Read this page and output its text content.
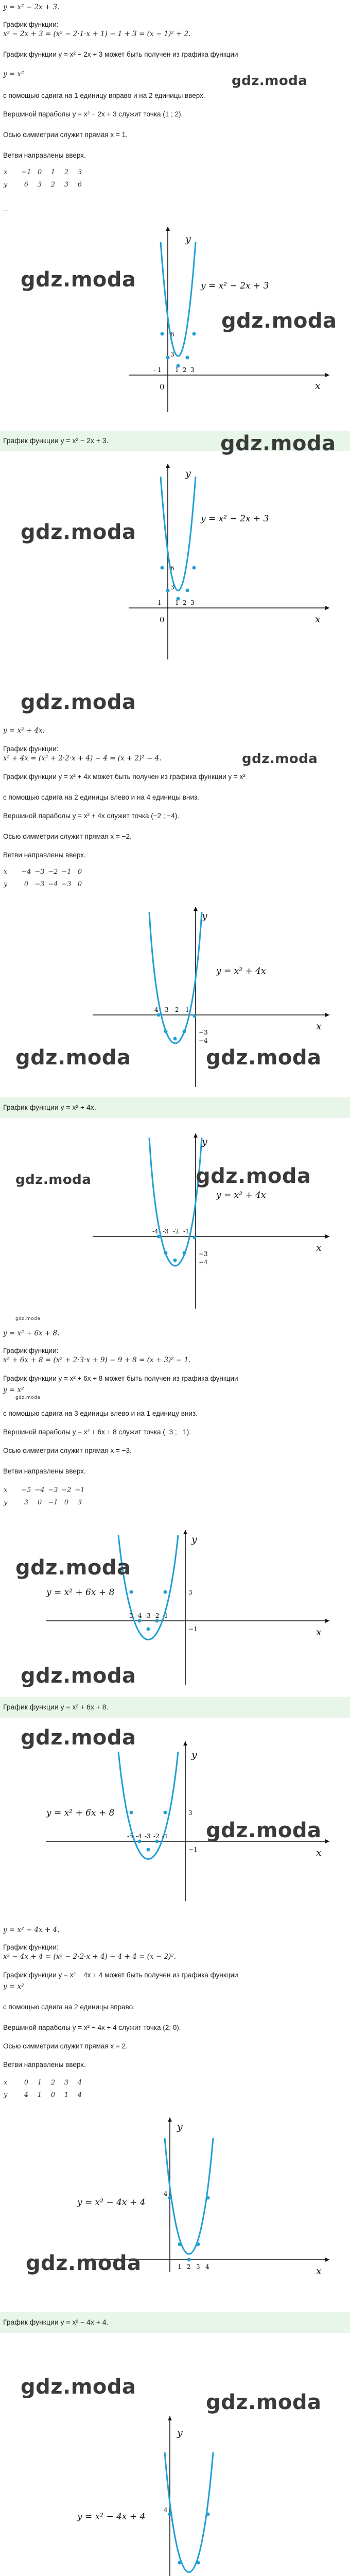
y = x² − 2x + 3.
График функции:
x² − 2x + 3 = (x² − 2·1·x + 1) − 1 + 3 = (x − 1)² + 2.
График функции y = x² − 2x + 3 может быть получен из графика функции
y = x²
с помощью сдвига на 1 единицу вправо и на 2 единицы вверх.
Вершиной параболы y = x² − 2x + 3 служит точка (1 ; 2).
Осью симметрии служит прямая x = 1.
Ветви направлены вверх.
x	−1	0	1	2	3
y	6	3	2	3	6
...
y
x
0
y = x² − 2x + 3
6
3
- 1 1 2 3
gdz.moda
gdz.moda
gdz.moda
График функции y = x² − 2x + 3.	gdz.moda
y
x
0
y = x² − 2x + 3
6
3
- 1 1 2 3
gdz.moda
gdz.moda
y = x² + 4x.
График функции:
x² + 4x = (x² + 2·2·x + 4) − 4 = (x + 2)² − 4.	gdz.moda
График функции y = x² + 4x может быть получен из графика функции y = x²
с помощью сдвига на 2 единицы влево и на 4 единицы вниз.
Вершиной параболы y = x² + 4x служит точка (−2 ; −4).
Осью симметрии служит прямая x = −2.
Ветви направлены вверх.
x	−4	−3	−2	−1	0
y	0	−3	−4	−3	0
y
x
y = x² + 4x
−3
−4
-4 -3 -2 -1
gdz.moda	gdz.moda
График функции y = x² + 4x.
y
x
y = x² + 4x
−3
−4
-4 -3 -2 -1
gdz.moda	gdz.moda
gdz.moda
y = x² + 6x + 8.
График функции:
x² + 6x + 8 = (x² + 2·3·x + 9) − 9 + 8 = (x + 3)² − 1.
График функции y = x² + 6x + 8 может быть получен из графика функции
y = x²
gdz.moda
с помощью сдвига на 3 единицы влево и на 1 единицу вниз.
Вершиной параболы y = x² + 6x + 8 служит точка (−3 ; −1).
Осью симметрии служит прямая x = −3.
Ветви направлены вверх.
x	−5	−4	−3	−2	−1
y	3	0	−1	0	3
y
x
y = x² + 6x + 8	3
−1
-5 -4 -3 -2 -1
gdz.moda
gdz.moda
График функции y = x² + 6x + 8.
gdz.moda
y
x
y = x² + 6x + 8	3
−1
-5 -4 -3 -2 -1 gdz.moda
y = x² − 4x + 4.
График функции:
x² − 4x + 4 = (x² − 2·2·x + 4) − 4 + 4 = (x − 2)².
График функции y = x² − 4x + 4 может быть получен из графика функции
y = x²
с помощью сдвига на 2 единицы вправо.
Вершиной параболы y = x² − 4x + 4 служит точка (2; 0).
Осью симметрии служит прямая x = 2.
Ветви направлены вверх.
x	0	1	2	3	4
y	4	1	0	1	4
y
x
y = x² − 4x + 4
4
1 2 3 4
gdz.moda
График функции y = x² − 4x + 4.
y
y = x² − 4x + 4
4
gdz.moda
gdz.moda
